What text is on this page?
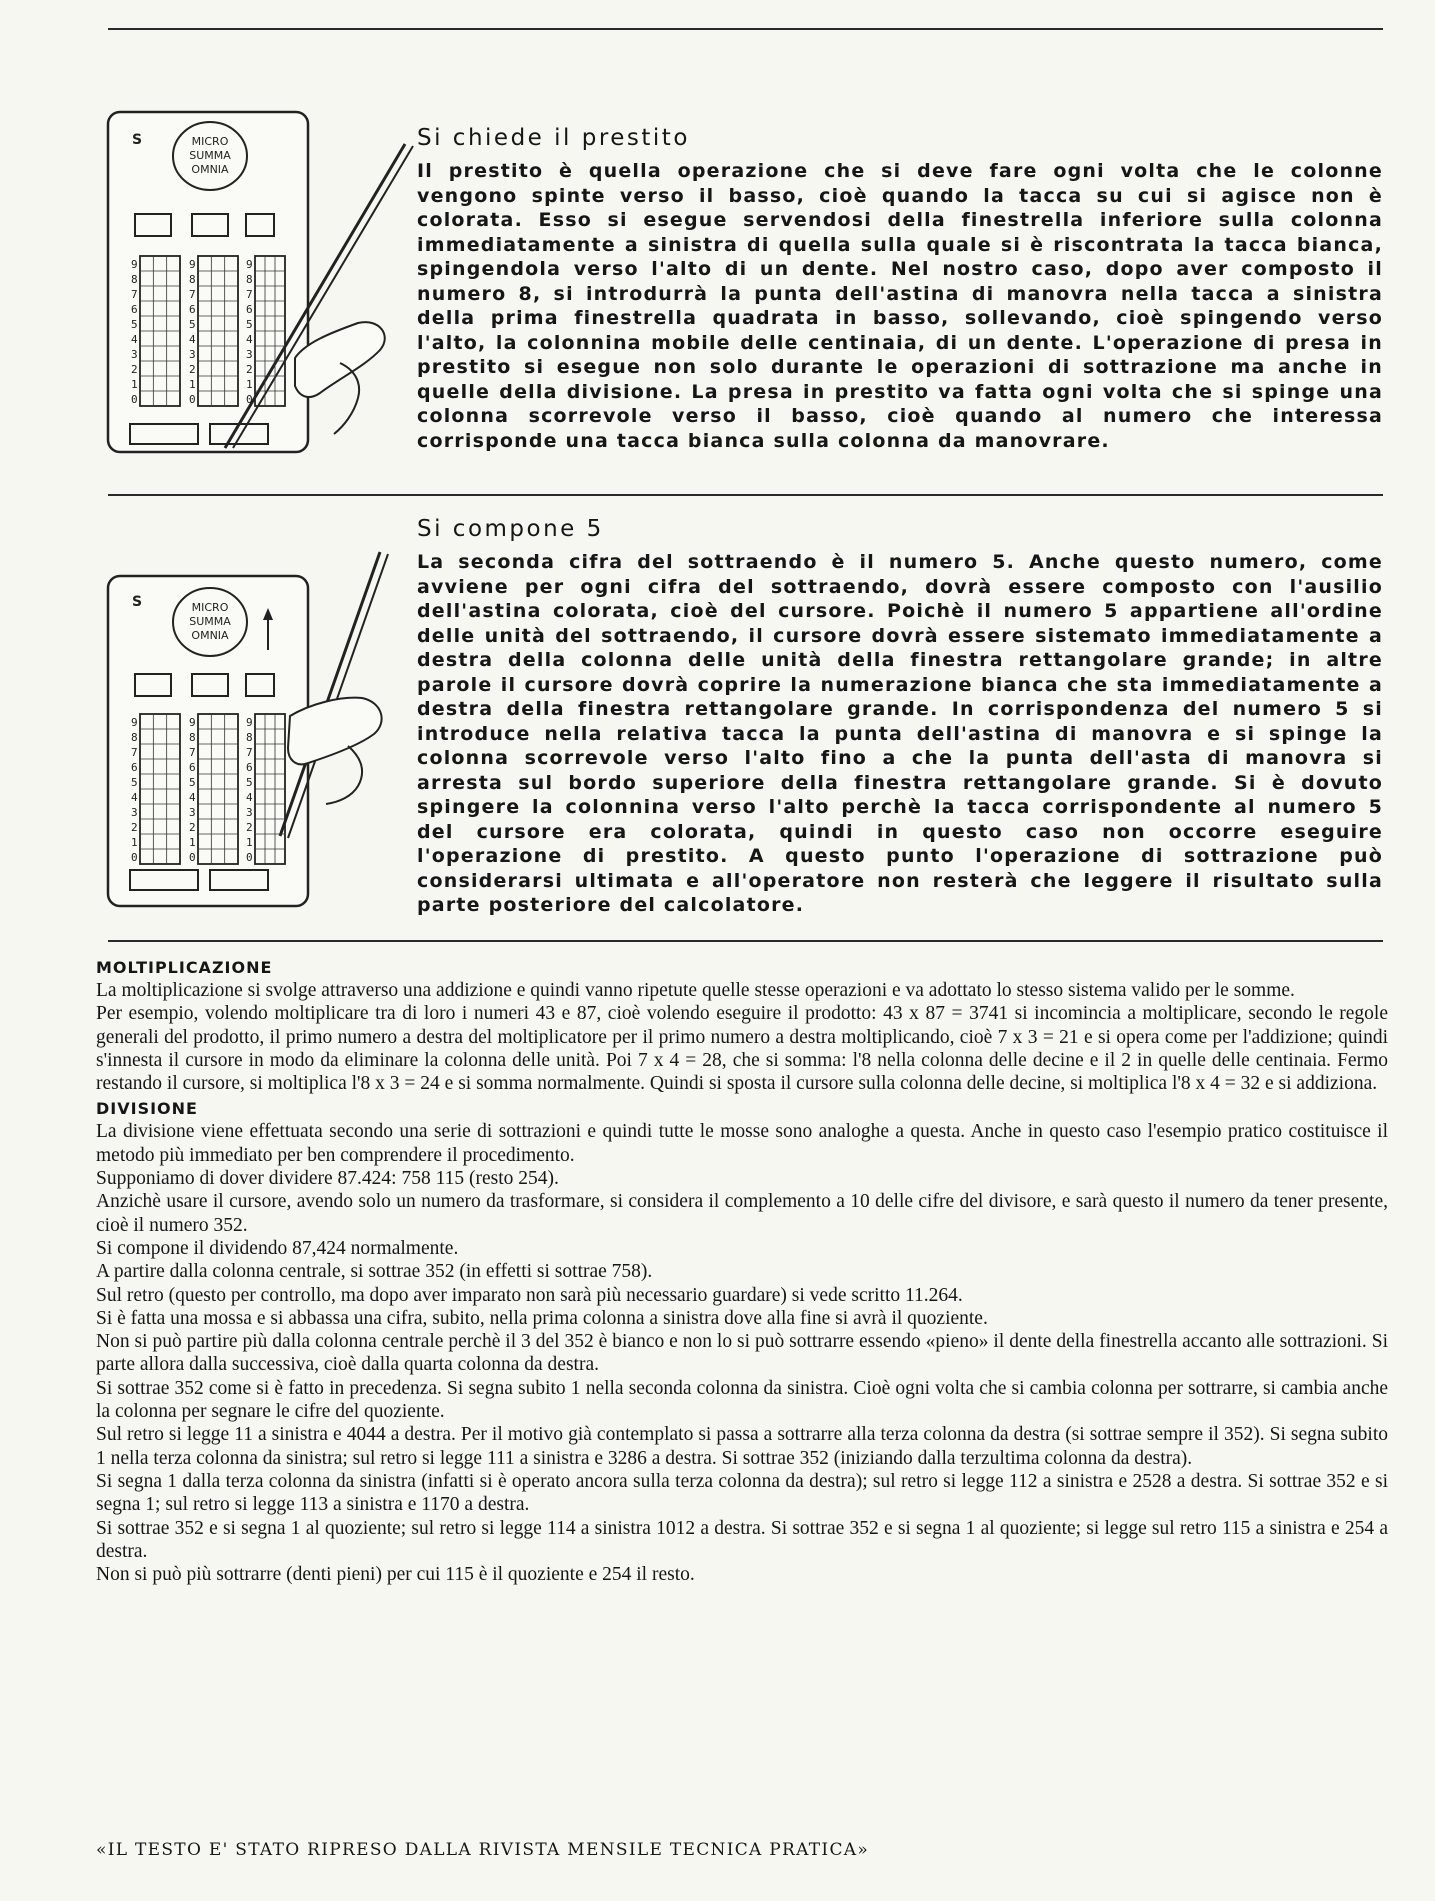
S	MICRO
SUMMA
OMNIA
9
8
7
6
5
4
3
2
1
0
9
8
7
6
5
4
3
2
1
0
9
8
7
6
5
4
3
2
1
0
Si chiede il prestito

Il prestito è quella operazione che si deve fare ogni volta che le colonne vengono spinte verso il basso, cioè quando la tacca su cui si agisce non è colorata. Esso si esegue servendosi della finestrella inferiore sulla colonna immediatamente a sinistra di quella sulla quale si è riscontrata la tacca bianca, spingendola verso l'alto di un dente. Nel nostro caso, dopo aver composto il numero 8, si introdurrà la punta dell'astina di manovra nella tacca a sinistra della prima finestrella quadrata in basso, sollevando, cioè spingendo verso l'alto, la colonnina mobile delle centinaia, di un dente. L'operazione di presa in prestito si esegue non solo durante le operazioni di sottrazione ma anche in quelle della divisione. La presa in prestito va fatta ogni volta che si spinge una colonna scorrevole verso il basso, cioè quando al numero che interessa corrisponde una tacca bianca sulla colonna da manovrare.

S	MICRO
SUMMA
OMNIA
9
8
7
6
5
4
3
2
1
0
9
8
7
6
5
4
3
2
1
0
9
8
7
6
5
4
3
2
1
0
Si compone 5

La seconda cifra del sottraendo è il numero 5. Anche questo numero, come avviene per ogni cifra del sottraendo, dovrà essere composto con l'ausilio dell'astina colorata, cioè del cursore. Poichè il numero 5 appartiene all'ordine delle unità del sottraendo, il cursore dovrà essere sistemato immediatamente a destra della colonna delle unità della finestra rettangolare grande; in altre parole il cursore dovrà coprire la numerazione bianca che sta immediatamente a destra della finestra rettangolare grande. In corrispondenza del numero 5 si introduce nella relativa tacca la punta dell'astina di manovra e si spinge la colonna scorrevole verso l'alto fino a che la punta dell'asta di manovra si arresta sul bordo superiore della finestra rettangolare grande. Si è dovuto spingere la colonnina verso l'alto perchè la tacca corrispondente al numero 5 del cursore era colorata, quindi in questo caso non occorre eseguire l'operazione di prestito. A questo punto l'operazione di sottrazione può considerarsi ultimata e all'operatore non resterà che leggere il risultato sulla parte posteriore del calcolatore.

MOLTIPLICAZIONE

La moltiplicazione si svolge attraverso una addizione e quindi vanno ripetute quelle stesse operazioni e va adottato lo stesso sistema valido per le somme.

Per esempio, volendo moltiplicare tra di loro i numeri 43 e 87, cioè volendo eseguire il prodotto: 43 x 87 = 3741 si incomincia a moltiplicare, secondo le regole generali del prodotto, il primo numero a destra del moltiplicatore per il primo numero a destra moltiplicando, cioè 7 x 3 = 21 e si opera come per l'addizione; quindi s'innesta il cursore in modo da eliminare la colonna delle unità. Poi 7 x 4 = 28, che si somma: l'8 nella colonna delle decine e il 2 in quelle delle centinaia. Fermo restando il cursore, si moltiplica l'8 x 3 = 24 e si somma normalmente. Quindi si sposta il cursore sulla colonna delle decine, si moltiplica l'8 x 4 = 32 e si addiziona.

DIVISIONE

La divisione viene effettuata secondo una serie di sottrazioni e quindi tutte le mosse sono analoghe a questa. Anche in questo caso l'esempio pratico costituisce il metodo più immediato per ben comprendere il procedimento.

Supponiamo di dover dividere 87.424: 758 115 (resto 254).

Anzichè usare il cursore, avendo solo un numero da trasformare, si considera il complemento a 10 delle cifre del divisore, e sarà questo il numero da tener presente, cioè il numero 352.

Si compone il dividendo 87,424 normalmente.

A partire dalla colonna centrale, si sottrae 352 (in effetti si sottrae 758).

Sul retro (questo per controllo, ma dopo aver imparato non sarà più necessario guardare) si vede scritto 11.264.

Si è fatta una mossa e si abbassa una cifra, subito, nella prima colonna a sinistra dove alla fine si avrà il quoziente.

Non si può partire più dalla colonna centrale perchè il 3 del 352 è bianco e non lo si può sottrarre essendo «pieno» il dente della finestrella accanto alle sottrazioni. Si parte allora dalla successiva, cioè dalla quarta colonna da destra.

Si sottrae 352 come si è fatto in precedenza. Si segna subito 1 nella seconda colonna da sinistra. Cioè ogni volta che si cambia colonna per sottrarre, si cambia anche la colonna per segnare le cifre del quoziente.

Sul retro si legge 11 a sinistra e 4044 a destra. Per il motivo già contemplato si passa a sottrarre alla terza colonna da destra (si sottrae sempre il 352). Si segna subito 1 nella terza colonna da sinistra; sul retro si legge 111 a sinistra e 3286 a destra. Si sottrae 352 (iniziando dalla terzultima colonna da destra).

Si segna 1 dalla terza colonna da sinistra (infatti si è operato ancora sulla terza colonna da destra); sul retro si legge 112 a sinistra e 2528 a destra. Si sottrae 352 e si segna 1; sul retro si legge 113 a sinistra e 1170 a destra.

Si sottrae 352 e si segna 1 al quoziente; sul retro si legge 114 a sinistra 1012 a destra. Si sottrae 352 e si segna 1 al quoziente; si legge sul retro 115 a sinistra e 254 a destra.

Non si può più sottrarre (denti pieni) per cui 115 è il quoziente e 254 il resto.

«IL TESTO E' STATO RIPRESO DALLA RIVISTA MENSILE TECNICA PRATICA»
